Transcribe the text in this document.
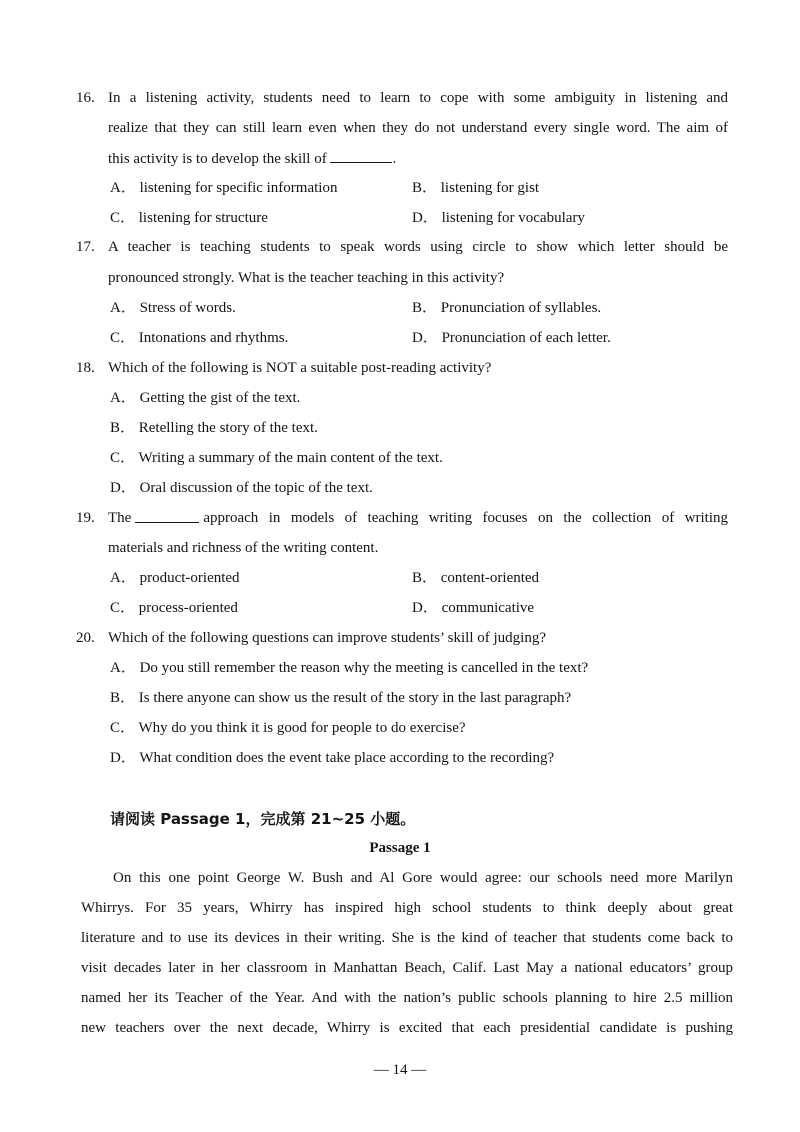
16. In a listening activity, students need to learn to cope with some ambiguity in listening and
realize that they can still learn even when they do not understand every single word. The aim of
this activity is to develop the skill of	.
A． listening for specific information	B． listening for gist
C． listening for structure	D． listening for vocabulary
17. A teacher is teaching students to speak words using circle to show which letter should be
pronounced strongly. What is the teacher teaching in this activity?
A． Stress of words.	B． Pronunciation of syllables.
C． Intonations and rhythms.	D． Pronunciation of each letter.
18. Which of the following is NOT a suitable post-reading activity?
A． Getting the gist of the text.
B． Retelling the story of the text.
C． Writing a summary of the main content of the text.
D． Oral discussion of the topic of the text.
19. The	approach in models of teaching writing focuses on the collection of writing
materials and richness of the writing content.
A． product-oriented	B． content-oriented
C． process-oriented	D． communicative
20. Which of the following questions can improve students’ skill of judging?
A． Do you still remember the reason why the meeting is cancelled in the text?
B． Is there anyone can show us the result of the story in the last paragraph?
C． Why do you think it is good for people to do exercise?
D． What condition does the event take place according to the recording?
请阅读 Passage 1，完成第 21~25 小题。
Passage 1
On this one point George W. Bush and Al Gore would agree: our schools need more Marilyn
Whirrys. For 35 years, Whirry has inspired high school students to think deeply about great
literature and to use its devices in their writing. She is the kind of teacher that students come back to
visit decades later in her classroom in Manhattan Beach, Calif. Last May a national educators’ group
named her its Teacher of the Year. And with the nation’s public schools planning to hire 2.5 million
new teachers over the next decade, Whirry is excited that each presidential candidate is pushing
— 14 —
